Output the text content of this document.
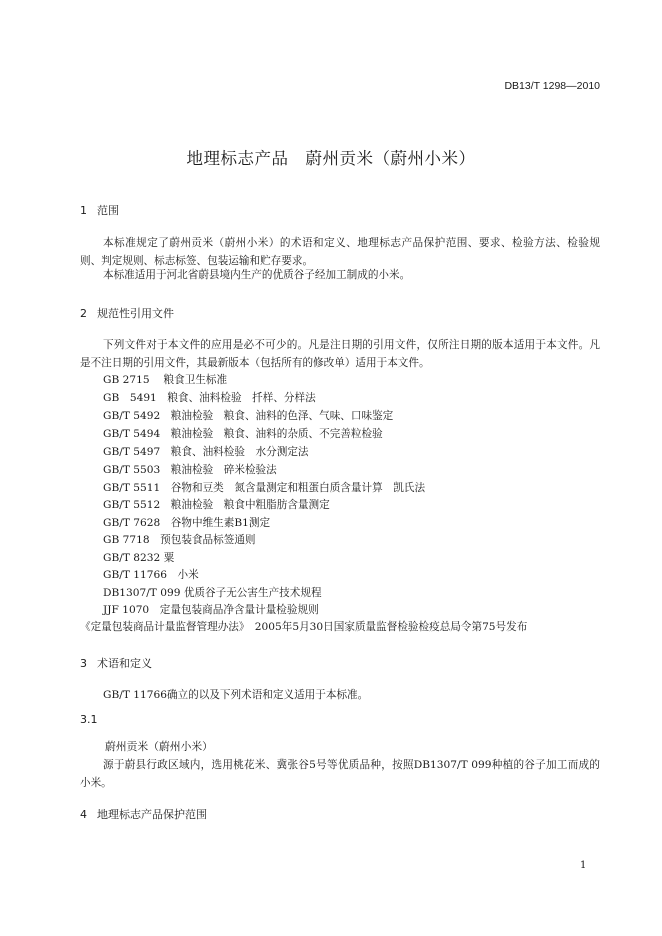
DB13/T 1298—2010
地理标志产品　蔚州贡米（蔚州小米）
1 范围
本标准规定了蔚州贡米（蔚州小米）的术语和定义、地理标志产品保护范围、要求、检验方法、检验规则、判定规则、标志标签、包装运输和贮存要求。
本标准适用于河北省蔚县境内生产的优质谷子经加工制成的小米。
2 规范性引用文件
下列文件对于本文件的应用是必不可少的。凡是注日期的引用文件，仅所注日期的版本适用于本文件。凡是不注日期的引用文件，其最新版本（包括所有的修改单）适用于本文件。
GB 2715　 粮食卫生标准
GB　5491　粮食、油料检验　扦样、分样法
GB/T 5492　粮油检验　粮食、油料的色泽、气味、口味鉴定
GB/T 5494　粮油检验　粮食、油料的杂质、不完善粒检验
GB/T 5497　粮食、油料检验　水分测定法
GB/T 5503　粮油检验　碎米检验法
GB/T 5511　谷物和豆类　氮含量测定和粗蛋白质含量计算　凯氏法
GB/T 5512　粮油检验　粮食中粗脂肪含量测定
GB/T 7628　谷物中维生素B1测定
GB 7718　预包装食品标签通则
GB/T 8232 粟
GB/T 11766　小米
DB1307/T 099 优质谷子无公害生产技术规程
JJF 1070　定量包装商品净含量计量检验规则
《定量包装商品计量监督管理办法》　2005年5月30日国家质量监督检验检疫总局令第75号发布
3 术语和定义
GB/T 11766确立的以及下列术语和定义适用于本标准。
3.1
蔚州贡米（蔚州小米）
源于蔚县行政区域内，选用桃花米、冀张谷5号等优质品种，按照DB1307/T 099种植的谷子加工而成的小米。
4 地理标志产品保护范围
1
